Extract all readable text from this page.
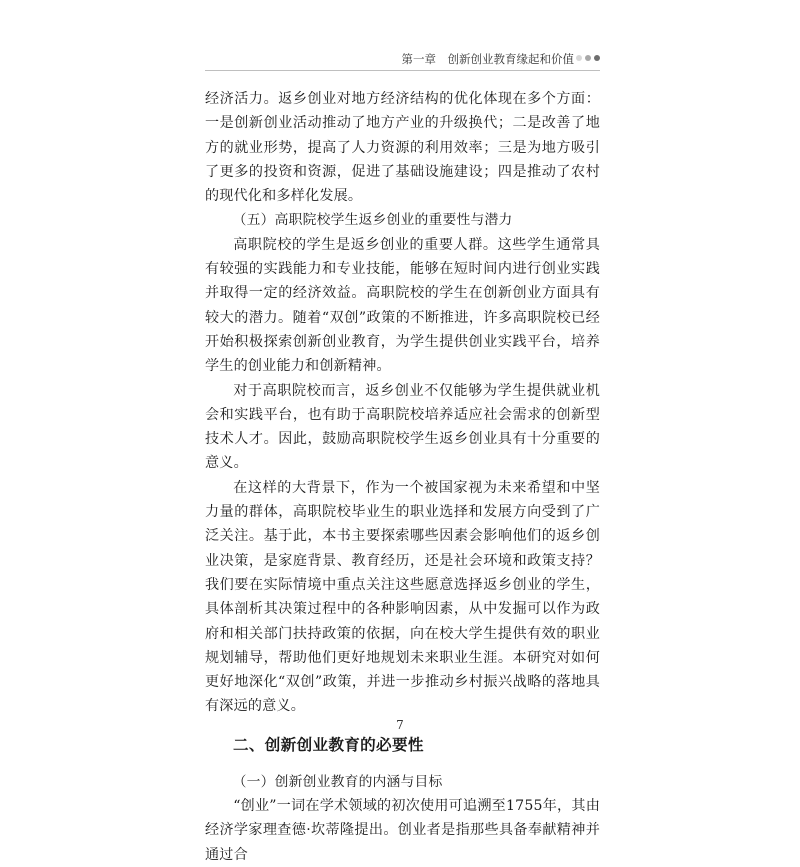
第一章　创新创业教育缘起和价值

经济活力。返乡创业对地方经济结构的优化体现在多个方面：一是创新创业活动推动了地方产业的升级换代；二是改善了地方的就业形势，提高了人力资源的利用效率；三是为地方吸引了更多的投资和资源，促进了基础设施建设；四是推动了农村的现代化和多样化发展。

（五）高职院校学生返乡创业的重要性与潜力

高职院校的学生是返乡创业的重要人群。这些学生通常具有较强的实践能力和专业技能，能够在短时间内进行创业实践并取得一定的经济效益。高职院校的学生在创新创业方面具有较大的潜力。随着“双创”政策的不断推进，许多高职院校已经开始积极探索创新创业教育，为学生提供创业实践平台，培养学生的创业能力和创新精神。

对于高职院校而言，返乡创业不仅能够为学生提供就业机会和实践平台，也有助于高职院校培养适应社会需求的创新型技术人才。因此，鼓励高职院校学生返乡创业具有十分重要的意义。

在这样的大背景下，作为一个被国家视为未来希望和中坚力量的群体，高职院校毕业生的职业选择和发展方向受到了广泛关注。基于此，本书主要探索哪些因素会影响他们的返乡创业决策，是家庭背景、教育经历，还是社会环境和政策支持？我们要在实际情境中重点关注这些愿意选择返乡创业的学生，具体剖析其决策过程中的各种影响因素，从中发掘可以作为政府和相关部门扶持政策的依据，向在校大学生提供有效的职业规划辅导，帮助他们更好地规划未来职业生涯。本研究对如何更好地深化“双创”政策，并进一步推动乡村振兴战略的落地具有深远的意义。

二、创新创业教育的必要性

（一）创新创业教育的内涵与目标

“创业”一词在学术领域的初次使用可追溯至1755年，其由经济学家理查德·坎蒂隆提出。创业者是指那些具备奉献精神并通过合

7
